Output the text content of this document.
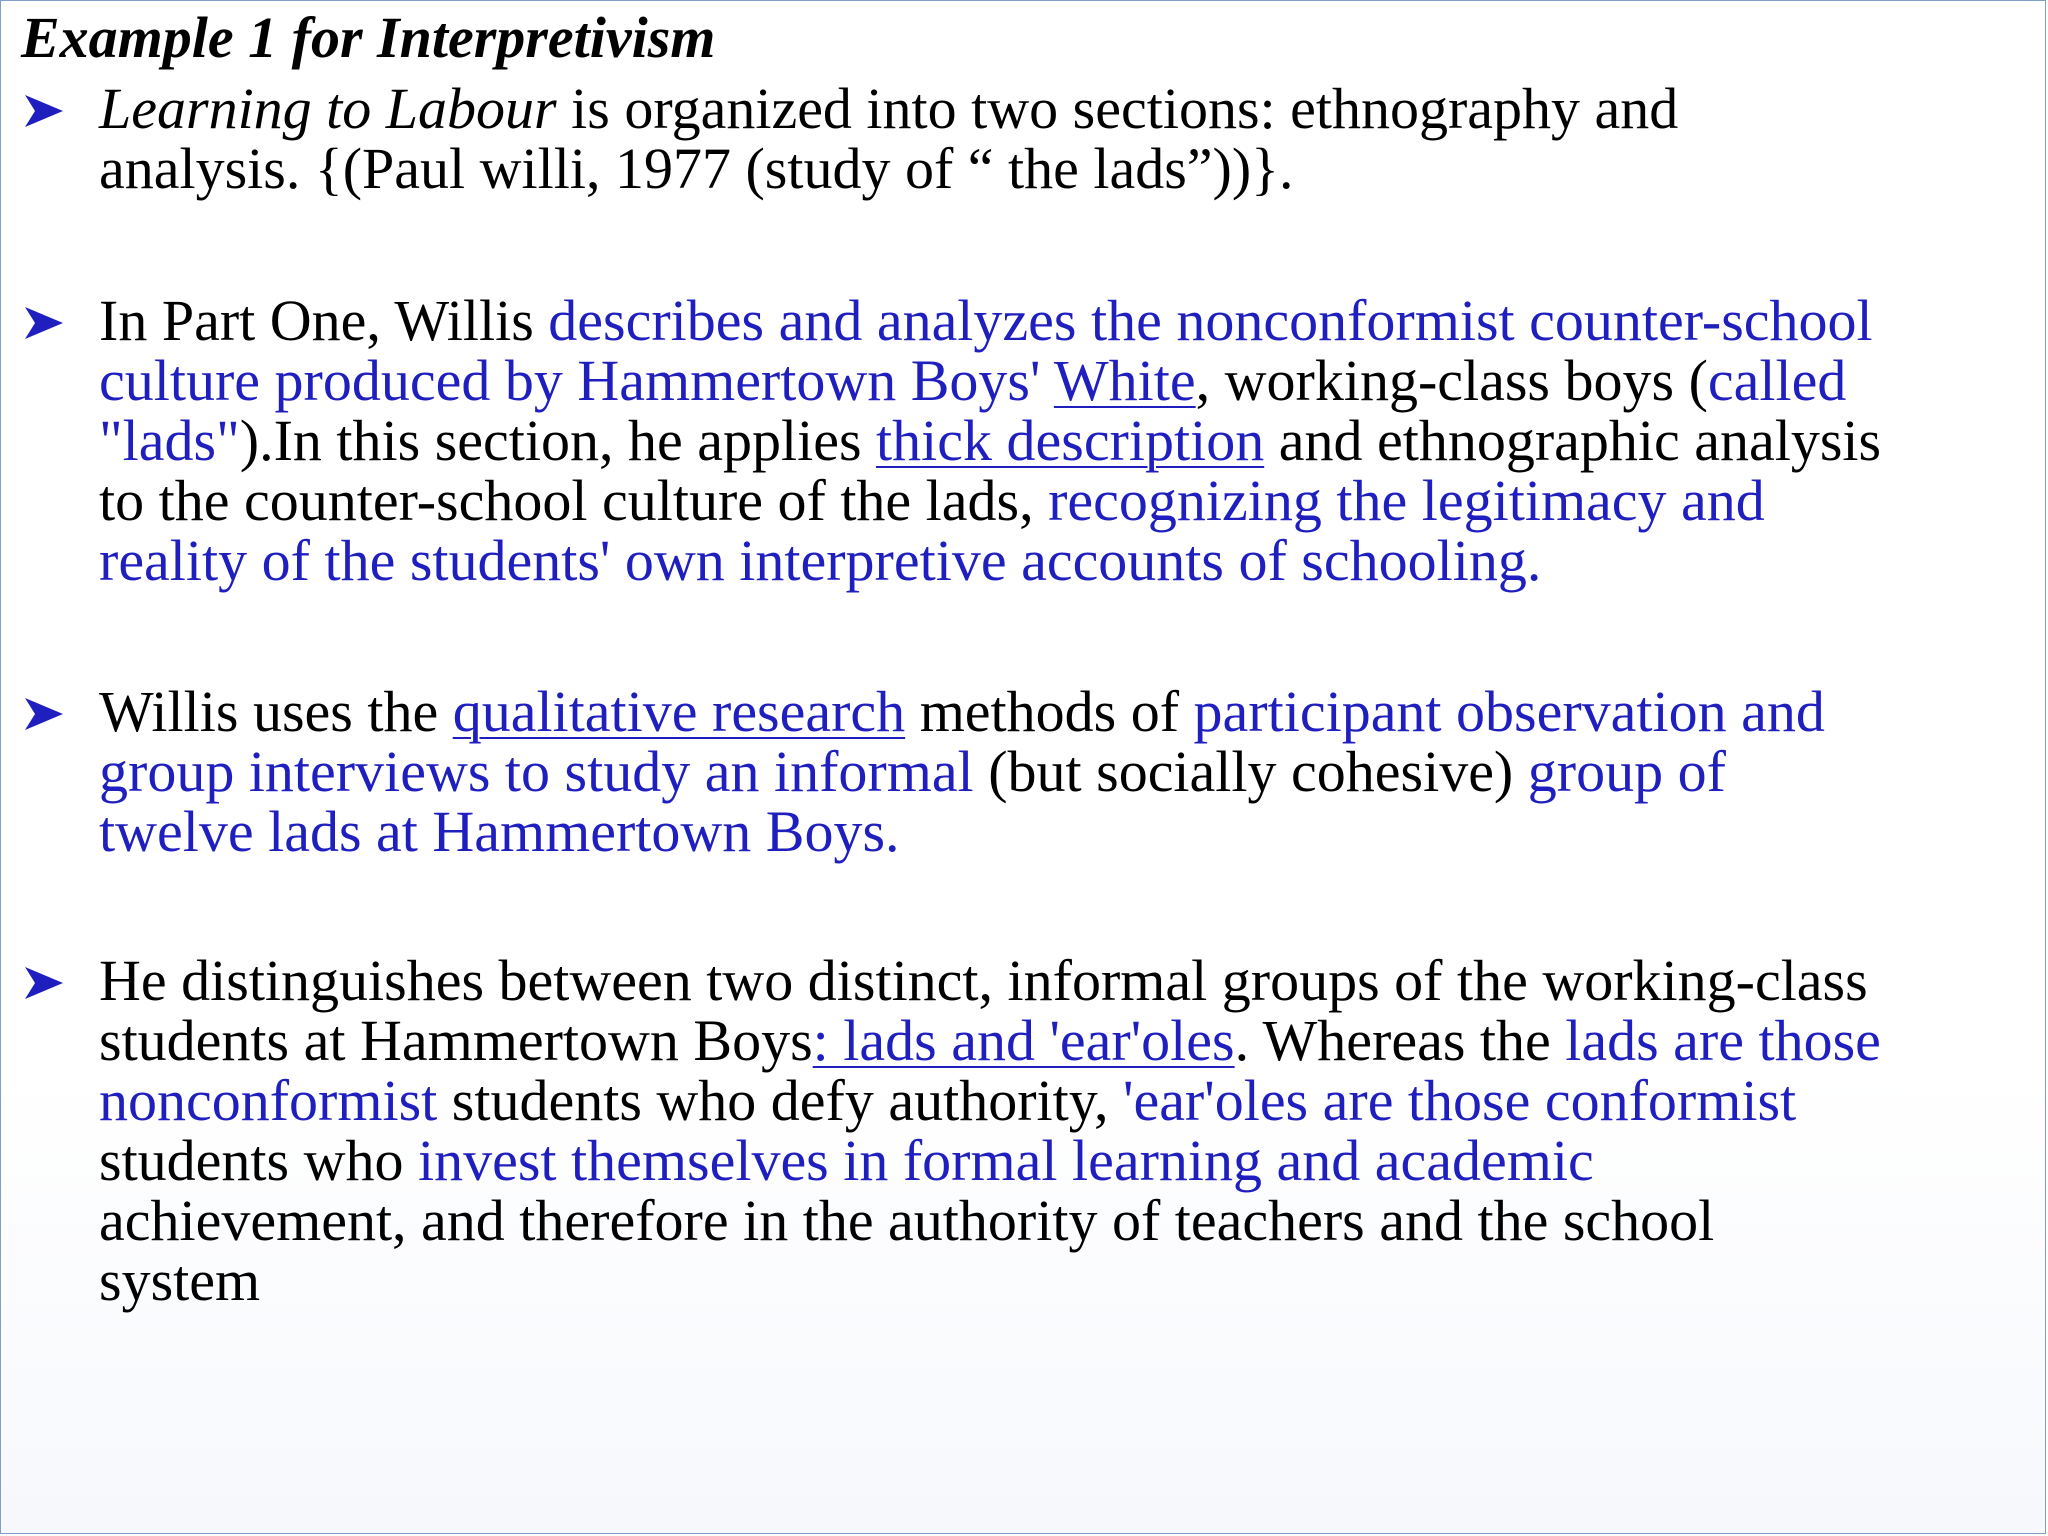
Example 1 for Interpretivism
Learning to Labour is organized into two sections: ethnography and
analysis. {(Paul willi, 1977 (study of “ the lads”))}.
In Part One, Willis describes and analyzes the nonconformist counter-school
culture produced by Hammertown Boys' White, working-class boys (called
"lads").In this section, he applies thick description and ethnographic analysis
to the counter-school culture of the lads, recognizing the legitimacy and
reality of the students' own interpretive accounts of schooling.
Willis uses the qualitative research methods of participant observation and
group interviews to study an informal (but socially cohesive) group of
twelve lads at Hammertown Boys.
He distinguishes between two distinct, informal groups of the working-class
students at Hammertown Boys: lads and 'ear'oles. Whereas the lads are those
nonconformist students who defy authority, 'ear'oles are those conformist
students who invest themselves in formal learning and academic
achievement, and therefore in the authority of teachers and the school
system
